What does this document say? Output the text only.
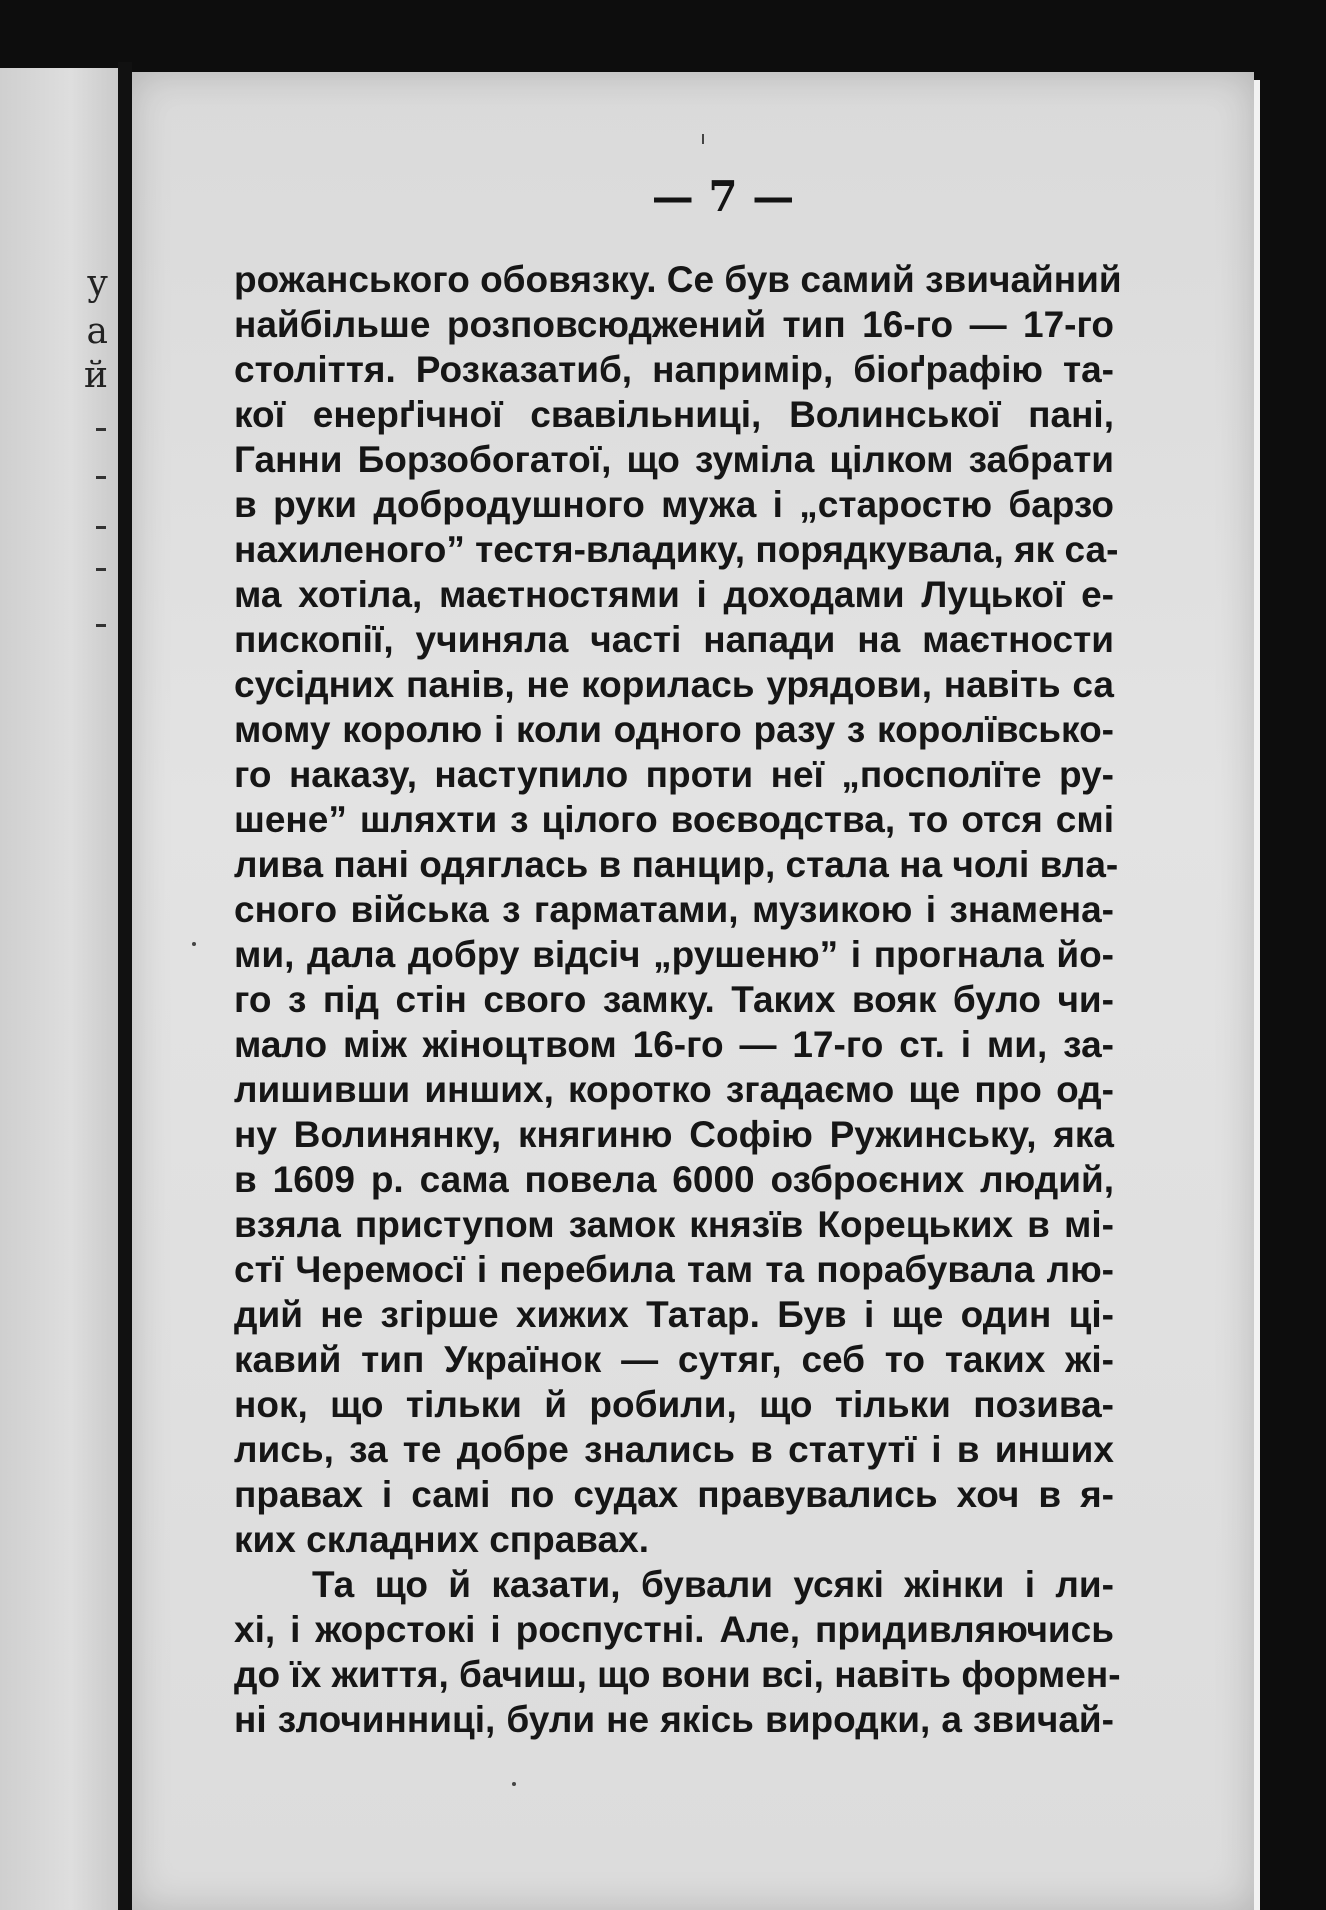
у
а
й
— 7 —
рожанського обовязку. Се був самий звичайний
найбільше розповсюджений тип 16-го — 17-го
століття. Розказатиб, напримір, біоґрафію та-
кої енерґічної свавільниці, Волинської пані,
Ганни Борзобогатої, що зуміла цілком забрати
в руки добродушного мужа і „старостю барзо
нахиленого” тестя-владику, порядкувала, як са-
ма хотіла, маєтностями і доходами Луцької е-
пископії, учиняла часті напади на маєтности
сусідних панів, не корилась урядови, навіть са
мому королю і коли одного разу з королївсько-
го наказу, наступило проти неї „посполїте ру-
шене” шляхти з цілого воєводства, то отся смі
лива пані одяглась в панцир, стала на чолі вла-
сного війська з гарматами, музикою і знамена-
ми, дала добру відсіч „рушеню” і прогнала йо-
го з під стін свого замку. Таких вояк було чи-
мало між жіноцтвом 16-го — 17-го ст. і ми, за-
лишивши инших, коротко згадаємо ще про од-
ну Волинянку, княгиню Софію Ружинську, яка
в 1609 р. сама повела 6000 озброєних людий,
взяла приступом замок князїв Корецьких в мі-
стї Черемосї і перебила там та порабувала лю-
дий не згірше хижих Татар. Був і ще один ці-
кавий тип Українок — сутяг, себ то таких жі-
нок, що тільки й робили, що тільки позива-
лись, за те добре знались в статутї і в инших
правах і самі по судах правувались хоч в я-
ких складних справах.
Та що й казати, бували усякі жінки і ли-
хі, і жорстокі і роспустні. Але, придивляючись
до їх життя, бачиш, що вони всі, навіть формен-
ні злочинниці, були не якісь виродки, а звичай-
